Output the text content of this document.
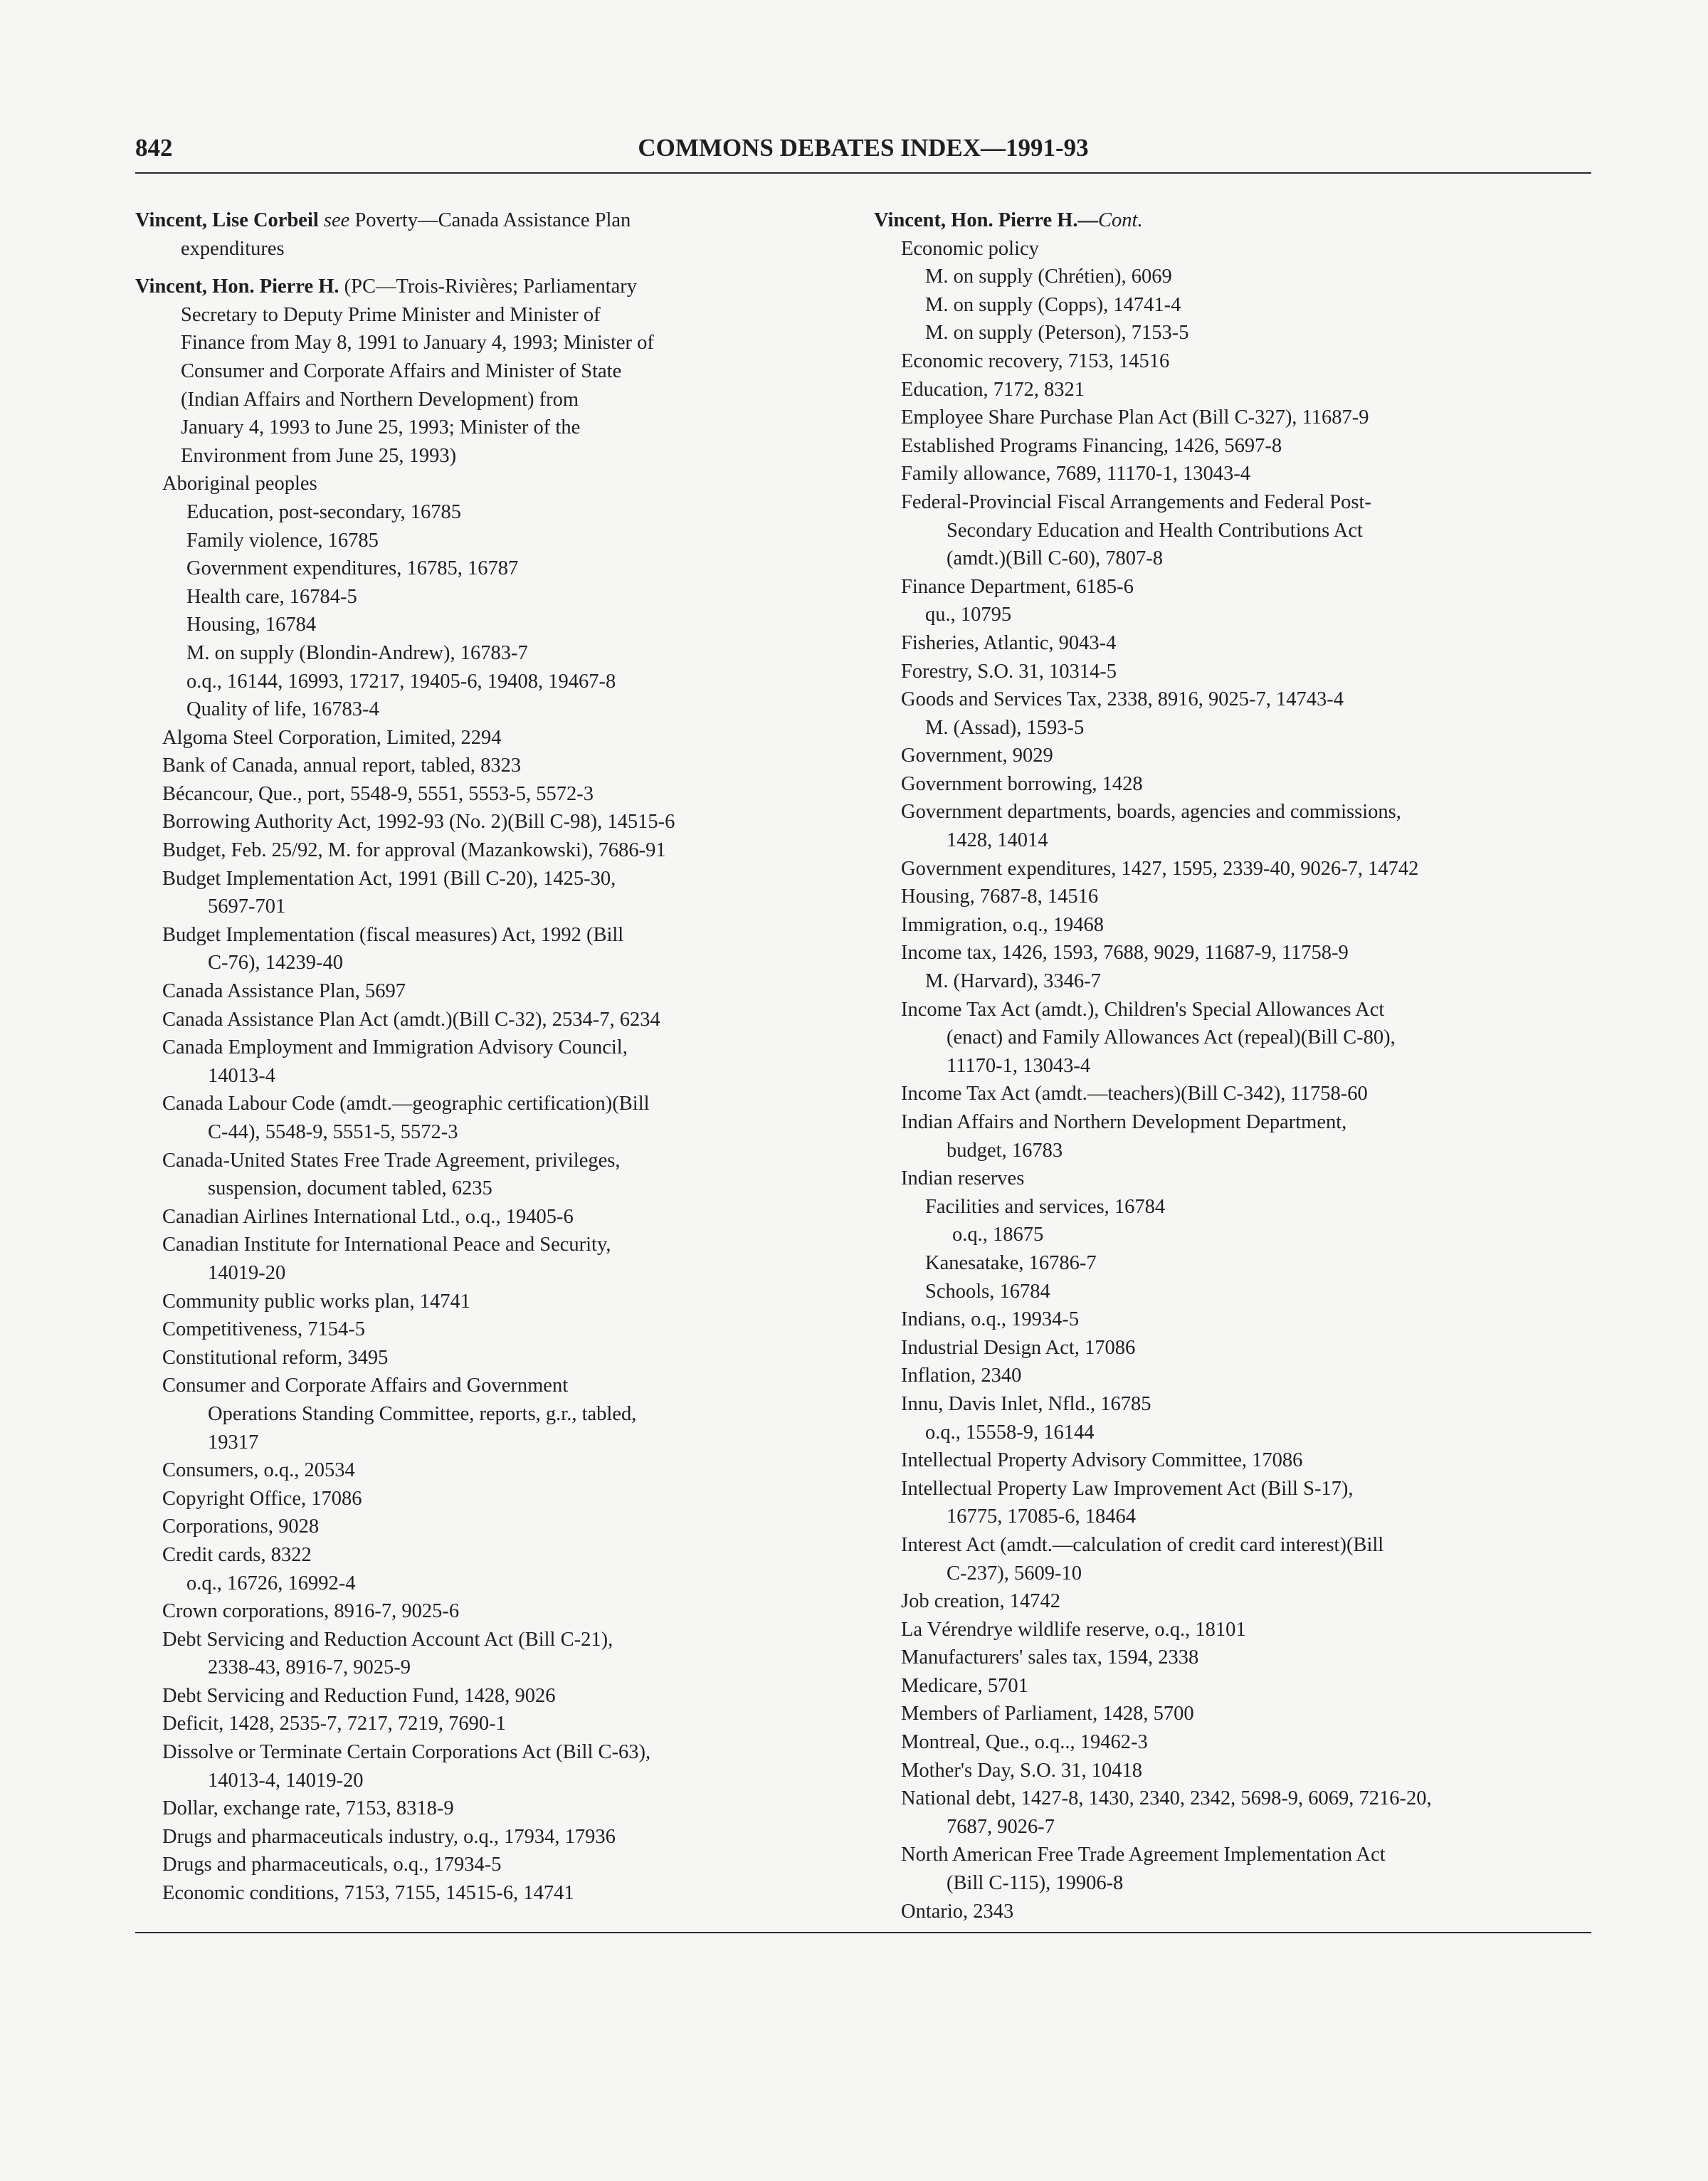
842	COMMONS DEBATES INDEX—1991-93
Vincent, Lise Corbeil see Poverty—Canada Assistance Plan
expenditures
Vincent, Hon. Pierre H. (PC—Trois-Rivières; Parliamentary
Secretary to Deputy Prime Minister and Minister of
Finance from May 8, 1991 to January 4, 1993; Minister of
Consumer and Corporate Affairs and Minister of State
(Indian Affairs and Northern Development) from
January 4, 1993 to June 25, 1993; Minister of the
Environment from June 25, 1993)
Aboriginal peoples
Education, post-secondary, 16785
Family violence, 16785
Government expenditures, 16785, 16787
Health care, 16784-5
Housing, 16784
M. on supply (Blondin-Andrew), 16783-7
o.q., 16144, 16993, 17217, 19405-6, 19408, 19467-8
Quality of life, 16783-4
Algoma Steel Corporation, Limited, 2294
Bank of Canada, annual report, tabled, 8323
Bécancour, Que., port, 5548-9, 5551, 5553-5, 5572-3
Borrowing Authority Act, 1992-93 (No. 2)(Bill C-98), 14515-6
Budget, Feb. 25/92, M. for approval (Mazankowski), 7686-91
Budget Implementation Act, 1991 (Bill C-20), 1425-30,
5697-701
Budget Implementation (fiscal measures) Act, 1992 (Bill
C-76), 14239-40
Canada Assistance Plan, 5697
Canada Assistance Plan Act (amdt.)(Bill C-32), 2534-7, 6234
Canada Employment and Immigration Advisory Council,
14013-4
Canada Labour Code (amdt.—geographic certification)(Bill
C-44), 5548-9, 5551-5, 5572-3
Canada-United States Free Trade Agreement, privileges,
suspension, document tabled, 6235
Canadian Airlines International Ltd., o.q., 19405-6
Canadian Institute for International Peace and Security,
14019-20
Community public works plan, 14741
Competitiveness, 7154-5
Constitutional reform, 3495
Consumer and Corporate Affairs and Government
Operations Standing Committee, reports, g.r., tabled,
19317
Consumers, o.q., 20534
Copyright Office, 17086
Corporations, 9028
Credit cards, 8322
o.q., 16726, 16992-4
Crown corporations, 8916-7, 9025-6
Debt Servicing and Reduction Account Act (Bill C-21),
2338-43, 8916-7, 9025-9
Debt Servicing and Reduction Fund, 1428, 9026
Deficit, 1428, 2535-7, 7217, 7219, 7690-1
Dissolve or Terminate Certain Corporations Act (Bill C-63),
14013-4, 14019-20
Dollar, exchange rate, 7153, 8318-9
Drugs and pharmaceuticals industry, o.q., 17934, 17936
Drugs and pharmaceuticals, o.q., 17934-5
Economic conditions, 7153, 7155, 14515-6, 14741
Vincent, Hon. Pierre H.—Cont.
Economic policy
M. on supply (Chrétien), 6069
M. on supply (Copps), 14741-4
M. on supply (Peterson), 7153-5
Economic recovery, 7153, 14516
Education, 7172, 8321
Employee Share Purchase Plan Act (Bill C-327), 11687-9
Established Programs Financing, 1426, 5697-8
Family allowance, 7689, 11170-1, 13043-4
Federal-Provincial Fiscal Arrangements and Federal Post-
Secondary Education and Health Contributions Act
(amdt.)(Bill C-60), 7807-8
Finance Department, 6185-6
qu., 10795
Fisheries, Atlantic, 9043-4
Forestry, S.O. 31, 10314-5
Goods and Services Tax, 2338, 8916, 9025-7, 14743-4
M. (Assad), 1593-5
Government, 9029
Government borrowing, 1428
Government departments, boards, agencies and commissions,
1428, 14014
Government expenditures, 1427, 1595, 2339-40, 9026-7, 14742
Housing, 7687-8, 14516
Immigration, o.q., 19468
Income tax, 1426, 1593, 7688, 9029, 11687-9, 11758-9
M. (Harvard), 3346-7
Income Tax Act (amdt.), Children's Special Allowances Act
(enact) and Family Allowances Act (repeal)(Bill C-80),
11170-1, 13043-4
Income Tax Act (amdt.—teachers)(Bill C-342), 11758-60
Indian Affairs and Northern Development Department,
budget, 16783
Indian reserves
Facilities and services, 16784
o.q., 18675
Kanesatake, 16786-7
Schools, 16784
Indians, o.q., 19934-5
Industrial Design Act, 17086
Inflation, 2340
Innu, Davis Inlet, Nfld., 16785
o.q., 15558-9, 16144
Intellectual Property Advisory Committee, 17086
Intellectual Property Law Improvement Act (Bill S-17),
16775, 17085-6, 18464
Interest Act (amdt.—calculation of credit card interest)(Bill
C-237), 5609-10
Job creation, 14742
La Vérendrye wildlife reserve, o.q., 18101
Manufacturers' sales tax, 1594, 2338
Medicare, 5701
Members of Parliament, 1428, 5700
Montreal, Que., o.q.., 19462-3
Mother's Day, S.O. 31, 10418
National debt, 1427-8, 1430, 2340, 2342, 5698-9, 6069, 7216-20,
7687, 9026-7
North American Free Trade Agreement Implementation Act
(Bill C-115), 19906-8
Ontario, 2343
